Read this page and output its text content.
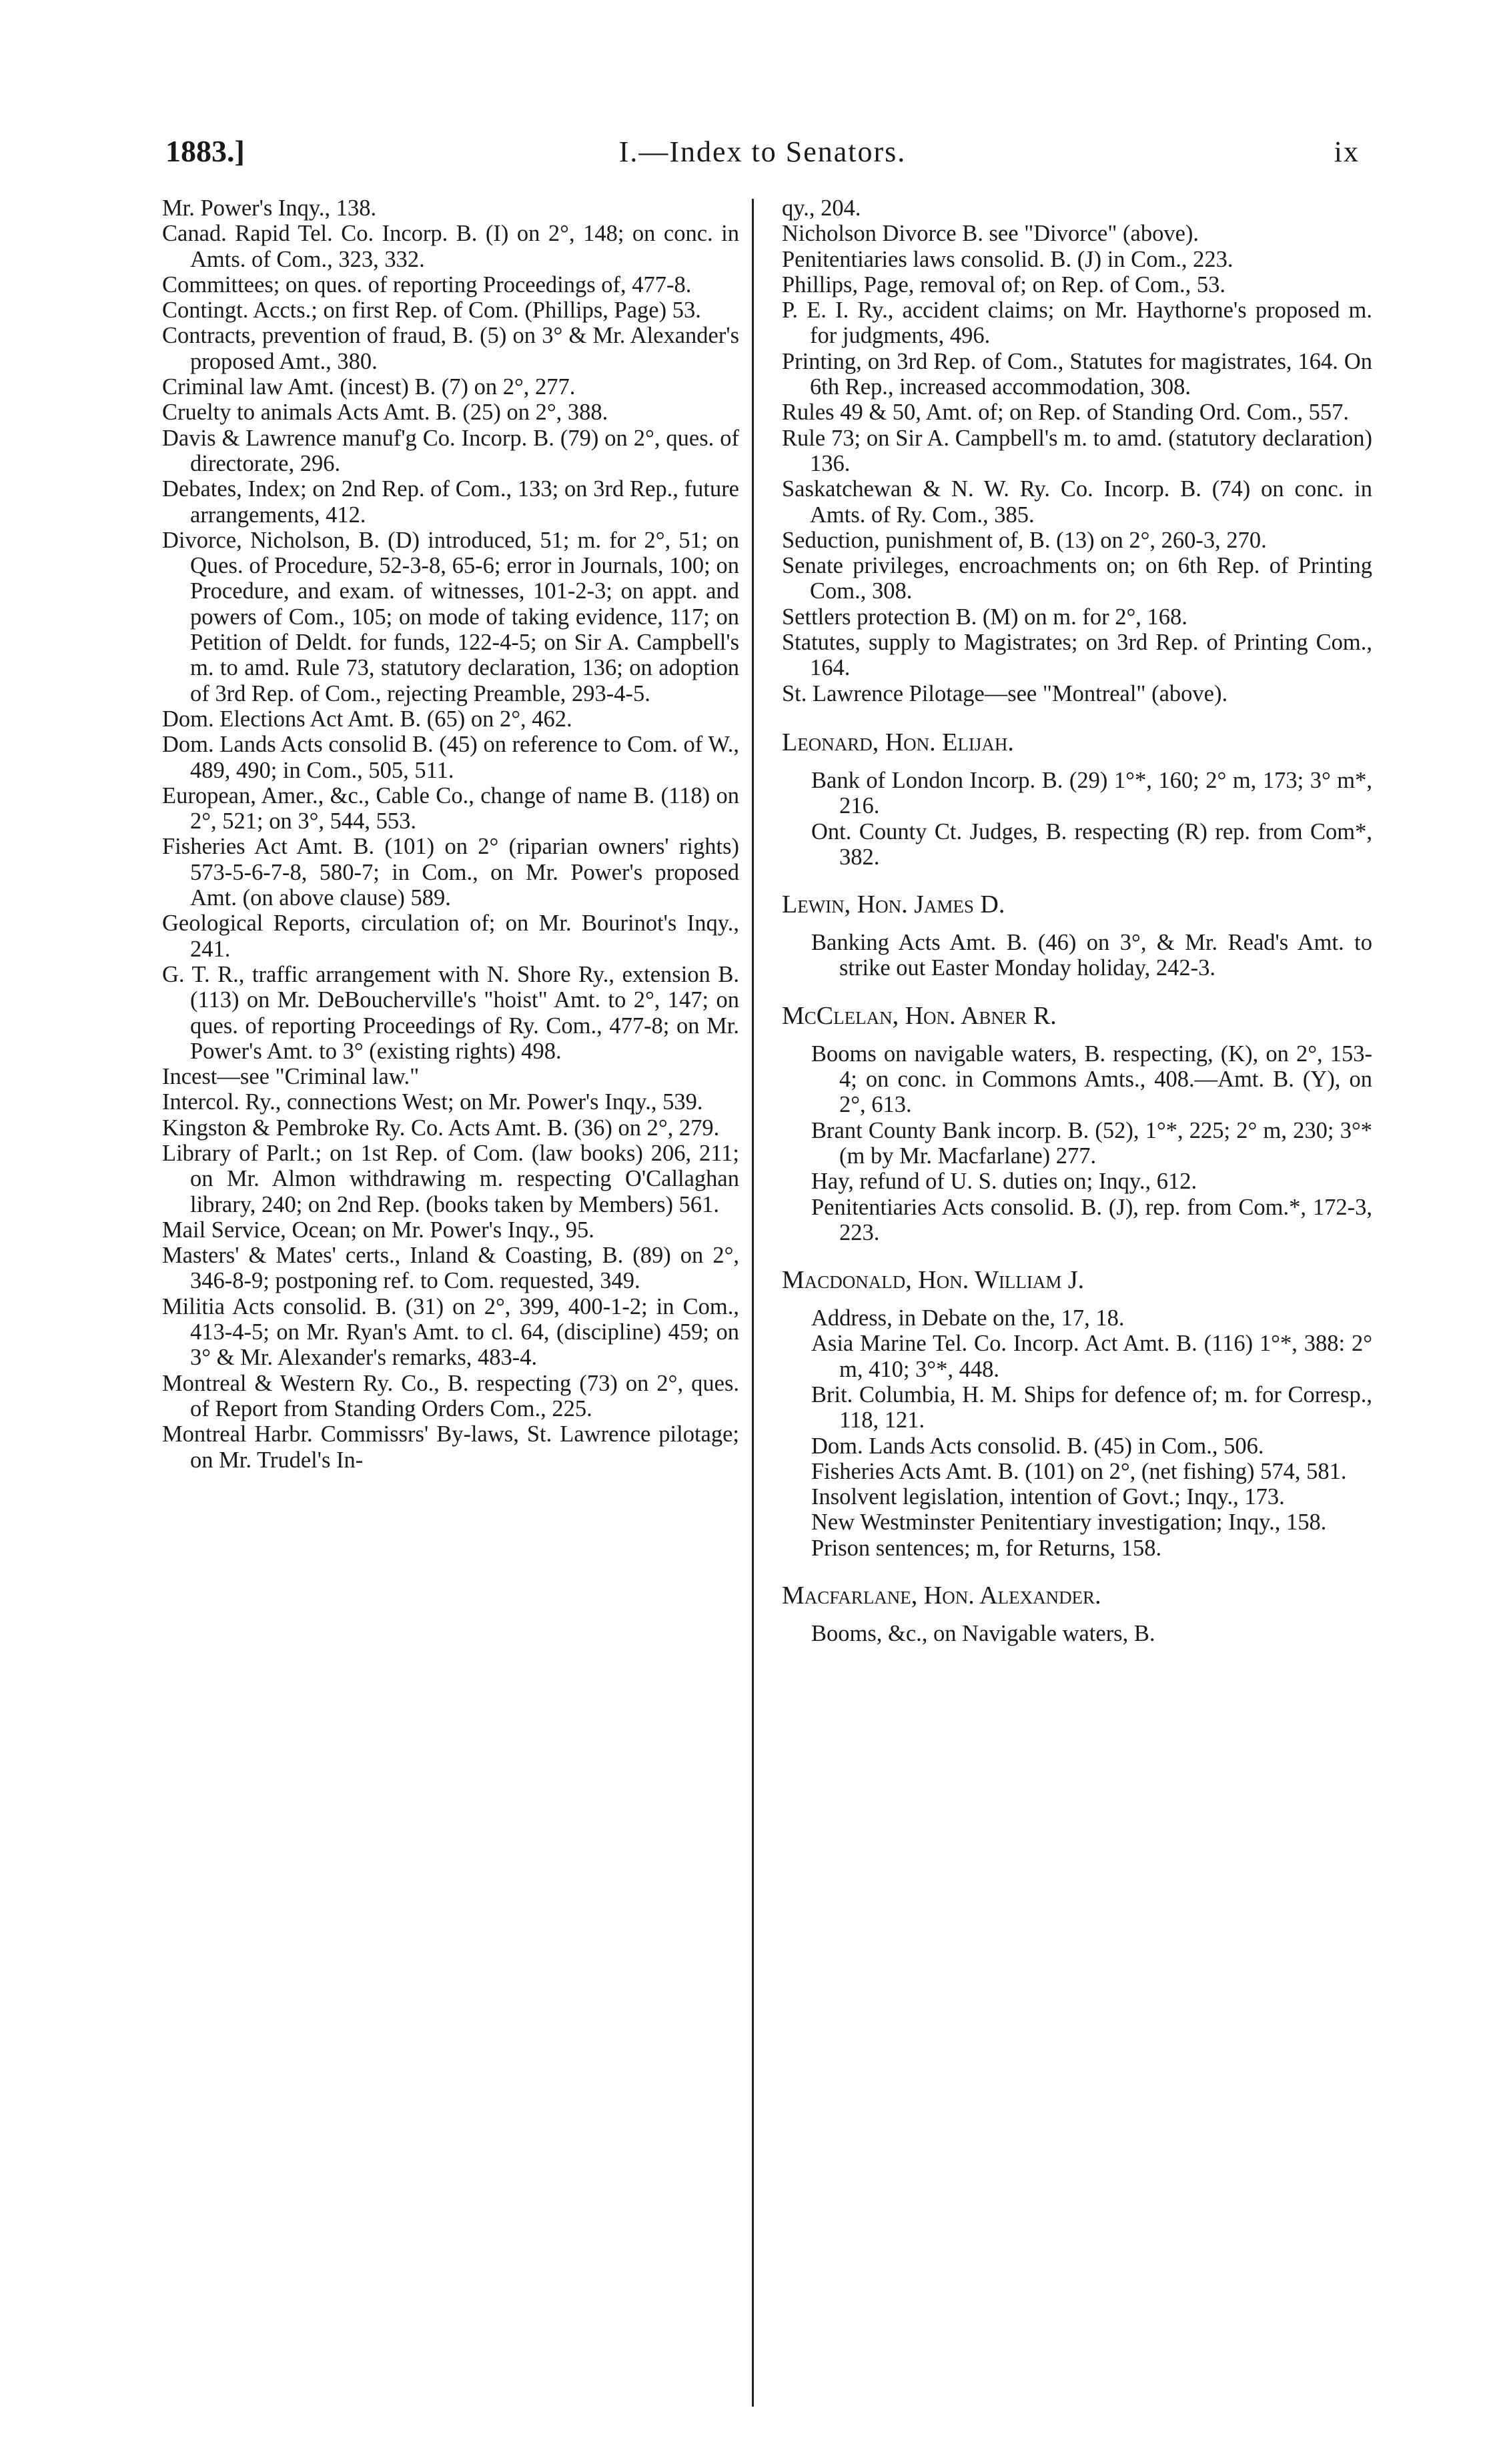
1883.]	I.—Index to Senators.	ix

Mr. Power's Inqy., 138.

Canad. Rapid Tel. Co. Incorp. B. (I) on 2°, 148; on conc. in Amts. of Com., 323, 332.

Committees; on ques. of reporting Proceedings of, 477-8.

Contingt. Accts.; on first Rep. of Com. (Phillips, Page) 53.

Contracts, prevention of fraud, B. (5) on 3° & Mr. Alexander's proposed Amt., 380.

Criminal law Amt. (incest) B. (7) on 2°, 277.

Cruelty to animals Acts Amt. B. (25) on 2°, 388.

Davis & Lawrence manuf'g Co. Incorp. B. (79) on 2°, ques. of directorate, 296.

Debates, Index; on 2nd Rep. of Com., 133; on 3rd Rep., future arrangements, 412.

Divorce, Nicholson, B. (D) introduced, 51; m. for 2°, 51; on Ques. of Procedure, 52-3-8, 65-6; error in Journals, 100; on Procedure, and exam. of witnesses, 101-2-3; on appt. and powers of Com., 105; on mode of taking evidence, 117; on Petition of Deldt. for funds, 122-4-5; on Sir A. Campbell's m. to amd. Rule 73, statutory declaration, 136; on adoption of 3rd Rep. of Com., rejecting Preamble, 293-4-5.

Dom. Elections Act Amt. B. (65) on 2°, 462.

Dom. Lands Acts consolid B. (45) on reference to Com. of W., 489, 490; in Com., 505, 511.

European, Amer., &c., Cable Co., change of name B. (118) on 2°, 521; on 3°, 544, 553.

Fisheries Act Amt. B. (101) on 2° (riparian owners' rights) 573-5-6-7-8, 580-7; in Com., on Mr. Power's proposed Amt. (on above clause) 589.

Geological Reports, circulation of; on Mr. Bourinot's Inqy., 241.

G. T. R., traffic arrangement with N. Shore Ry., extension B. (113) on Mr. DeBoucherville's "hoist" Amt. to 2°, 147; on ques. of reporting Proceedings of Ry. Com., 477-8; on Mr. Power's Amt. to 3° (existing rights) 498.

Incest—see "Criminal law."

Intercol. Ry., connections West; on Mr. Power's Inqy., 539.

Kingston & Pembroke Ry. Co. Acts Amt. B. (36) on 2°, 279.

Library of Parlt.; on 1st Rep. of Com. (law books) 206, 211; on Mr. Almon withdrawing m. respecting O'Callaghan library, 240; on 2nd Rep. (books taken by Members) 561.

Mail Service, Ocean; on Mr. Power's Inqy., 95.

Masters' & Mates' certs., Inland & Coasting, B. (89) on 2°, 346-8-9; postponing ref. to Com. requested, 349.

Militia Acts consolid. B. (31) on 2°, 399, 400-1-2; in Com., 413-4-5; on Mr. Ryan's Amt. to cl. 64, (discipline) 459; on 3° & Mr. Alexander's remarks, 483-4.

Montreal & Western Ry. Co., B. respecting (73) on 2°, ques. of Report from Standing Orders Com., 225.

Montreal Harbr. Commissrs' By-laws, St. Lawrence pilotage; on Mr. Trudel's In-

qy., 204.

Nicholson Divorce B. see "Divorce" (above).

Penitentiaries laws consolid. B. (J) in Com., 223.

Phillips, Page, removal of; on Rep. of Com., 53.

P. E. I. Ry., accident claims; on Mr. Haythorne's proposed m. for judgments, 496.

Printing, on 3rd Rep. of Com., Statutes for magistrates, 164. On 6th Rep., increased accommodation, 308.

Rules 49 & 50, Amt. of; on Rep. of Standing Ord. Com., 557.

Rule 73; on Sir A. Campbell's m. to amd. (statutory declaration) 136.

Saskatchewan & N. W. Ry. Co. Incorp. B. (74) on conc. in Amts. of Ry. Com., 385.

Seduction, punishment of, B. (13) on 2°, 260-3, 270.

Senate privileges, encroachments on; on 6th Rep. of Printing Com., 308.

Settlers protection B. (M) on m. for 2°, 168.

Statutes, supply to Magistrates; on 3rd Rep. of Printing Com., 164.

St. Lawrence Pilotage—see "Montreal" (above).

Leonard, Hon. Elijah.

Bank of London Incorp. B. (29) 1°*, 160; 2° m, 173; 3° m*, 216.

Ont. County Ct. Judges, B. respecting (R) rep. from Com*, 382.

Lewin, Hon. James D.

Banking Acts Amt. B. (46) on 3°, & Mr. Read's Amt. to strike out Easter Monday holiday, 242-3.

McClelan, Hon. Abner R.

Booms on navigable waters, B. respecting, (K), on 2°, 153-4; on conc. in Commons Amts., 408.—Amt. B. (Y), on 2°, 613.

Brant County Bank incorp. B. (52), 1°*, 225; 2° m, 230; 3°* (m by Mr. Macfarlane) 277.

Hay, refund of U. S. duties on; Inqy., 612.

Penitentiaries Acts consolid. B. (J), rep. from Com.*, 172-3, 223.

Macdonald, Hon. William J.

Address, in Debate on the, 17, 18.

Asia Marine Tel. Co. Incorp. Act Amt. B. (116) 1°*, 388: 2° m, 410; 3°*, 448.

Brit. Columbia, H. M. Ships for defence of; m. for Corresp., 118, 121.

Dom. Lands Acts consolid. B. (45) in Com., 506.

Fisheries Acts Amt. B. (101) on 2°, (net fishing) 574, 581.

Insolvent legislation, intention of Govt.; Inqy., 173.

New Westminster Penitentiary investigation; Inqy., 158.

Prison sentences; m, for Returns, 158.

Macfarlane, Hon. Alexander.

Booms, &c., on Navigable waters, B.
